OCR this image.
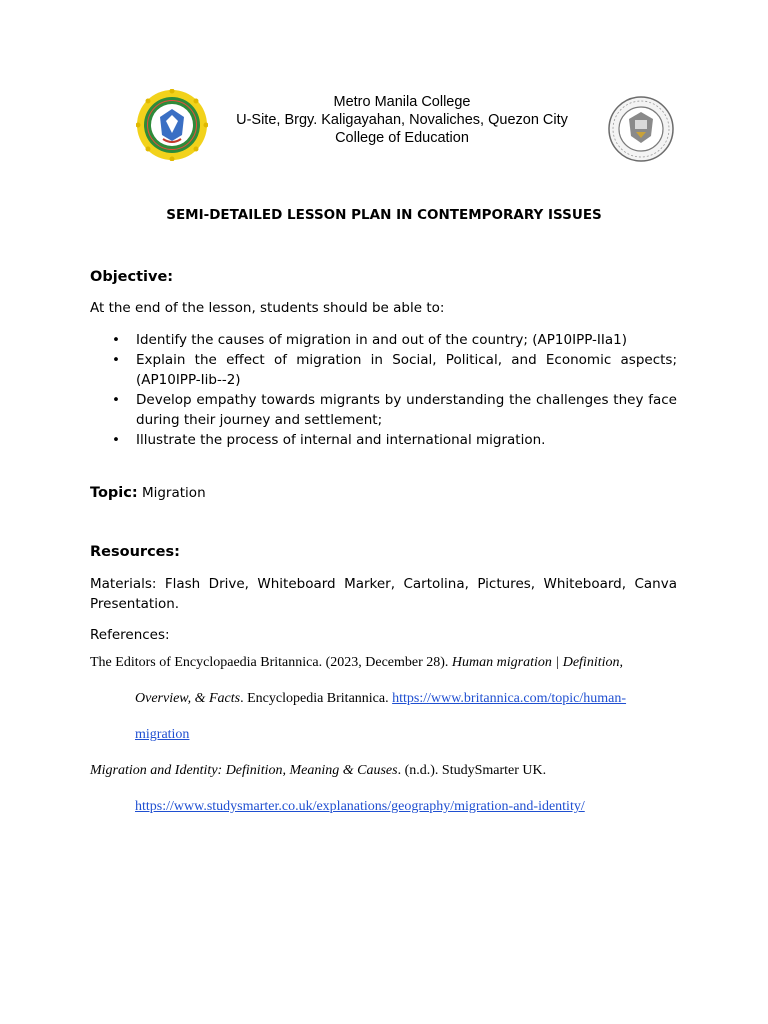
Metro Manila College
U-Site, Brgy. Kaligayahan, Novaliches, Quezon City
College of Education
SEMI-DETAILED LESSON PLAN IN CONTEMPORARY ISSUES
Objective:
At the end of the lesson, students should be able to:
• Identify the causes of migration in and out of the country; (AP10IPP-IIa1)
• Explain the effect of migration in Social, Political, and Economic aspects; (AP10IPP-Iib--2)
• Develop empathy towards migrants by understanding the challenges they face during their journey and settlement;
• Illustrate the process of internal and international migration.
Topic: Migration
Resources:
Materials: Flash Drive, Whiteboard Marker, Cartolina, Pictures, Whiteboard, Canva Presentation.
References:
The Editors of Encyclopaedia Britannica. (2023, December 28). Human migration | Definition,
Overview, & Facts. Encyclopedia Britannica. https://www.britannica.com/topic/human-
migration
Migration and Identity: Definition, Meaning & Causes. (n.d.). StudySmarter UK.
https://www.studysmarter.co.uk/explanations/geography/migration-and-identity/
